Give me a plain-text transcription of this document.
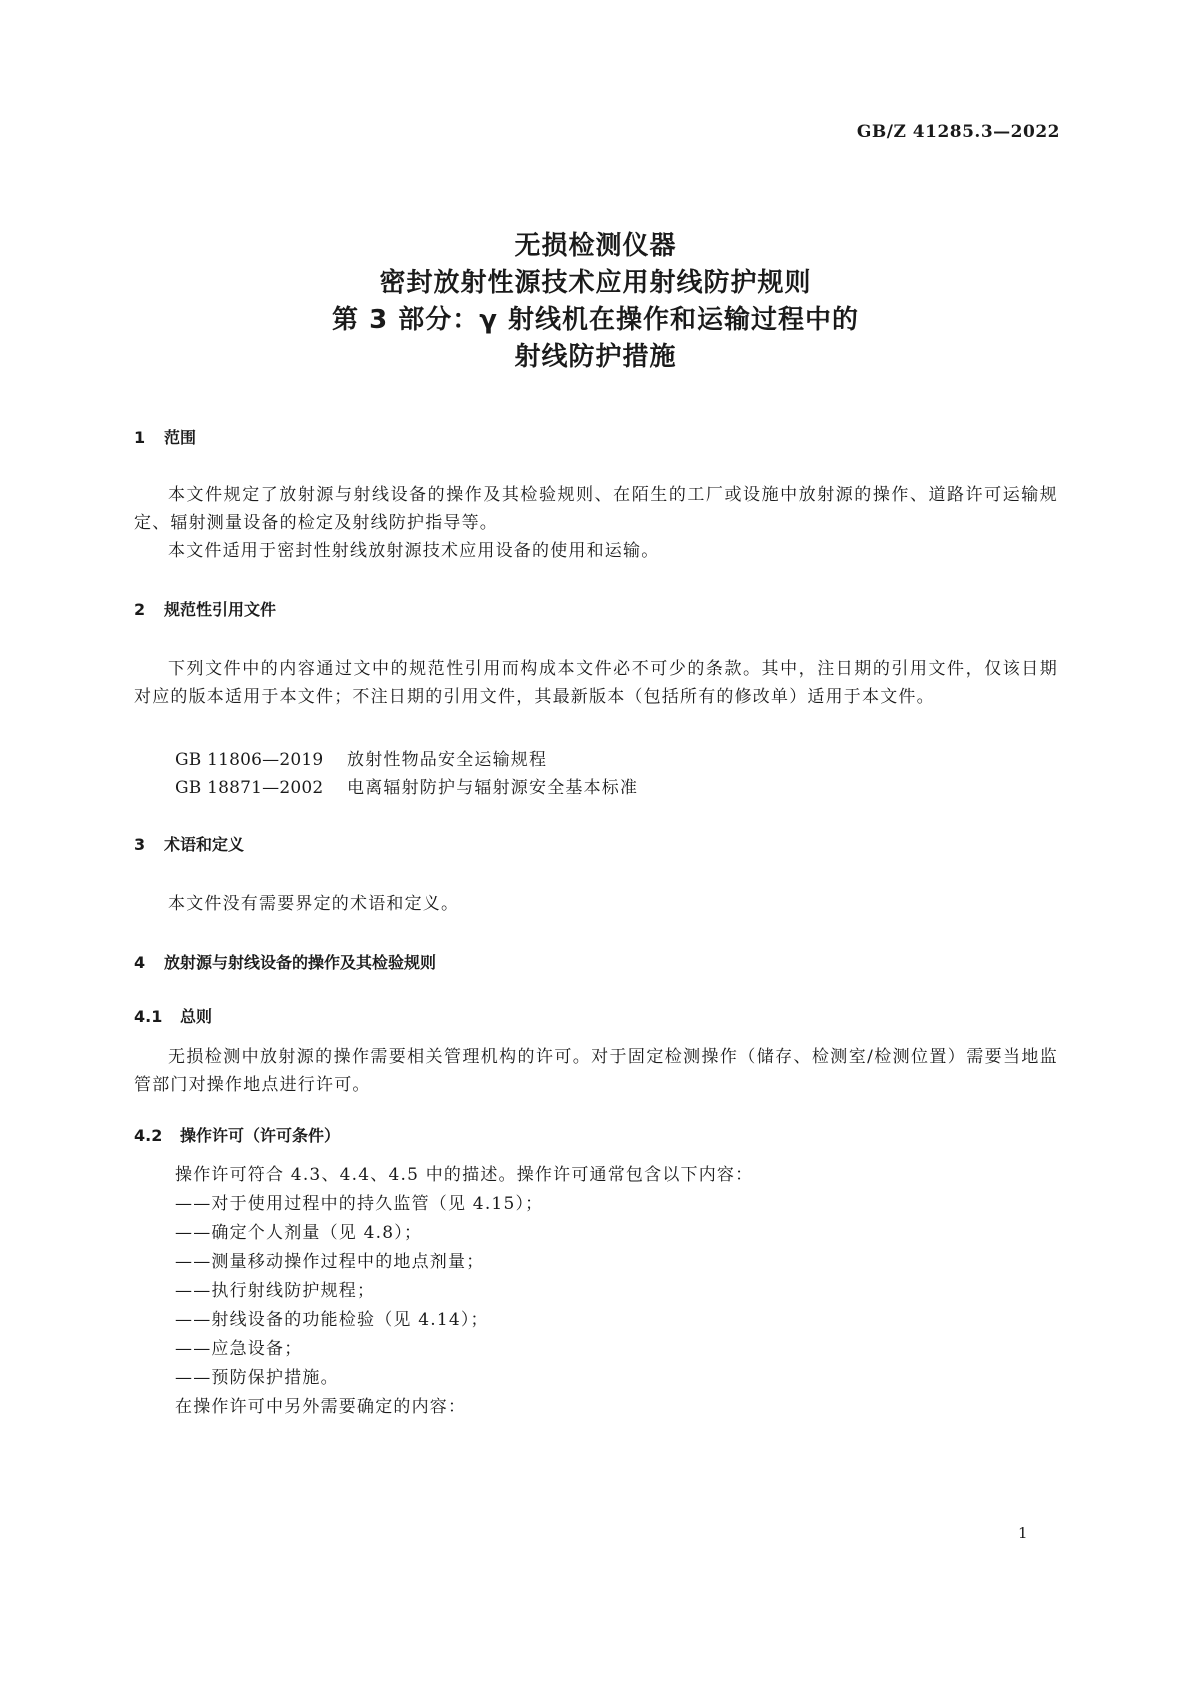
GB/Z 41285.3—2022
无损检测仪器
密封放射性源技术应用射线防护规则
第 3 部分：γ 射线机在操作和运输过程中的
射线防护措施
1 范围

本文件规定了放射源与射线设备的操作及其检验规则、在陌生的工厂或设施中放射源的操作、道路许可运输规定、辐射测量设备的检定及射线防护指导等。

本文件适用于密封性射线放射源技术应用设备的使用和运输。

2 规范性引用文件

下列文件中的内容通过文中的规范性引用而构成本文件必不可少的条款。其中，注日期的引用文件，仅该日期对应的版本适用于本文件；不注日期的引用文件，其最新版本（包括所有的修改单）适用于本文件。

GB 11806—2019 放射性物品安全运输规程
GB 18871—2002 电离辐射防护与辐射源安全基本标准
3 术语和定义

本文件没有需要界定的术语和定义。

4 放射源与射线设备的操作及其检验规则
4.1 总则

无损检测中放射源的操作需要相关管理机构的许可。对于固定检测操作（储存、检测室/检测位置）需要当地监管部门对操作地点进行许可。

4.2 操作许可（许可条件）
操作许可符合 4.3、4.4、4.5 中的描述。操作许可通常包含以下内容：
——对于使用过程中的持久监管（见 4.15）；
——确定个人剂量（见 4.8）；
——测量移动操作过程中的地点剂量；
——执行射线防护规程；
——射线设备的功能检验（见 4.14）；
——应急设备；
——预防保护措施。
在操作许可中另外需要确定的内容：
1
